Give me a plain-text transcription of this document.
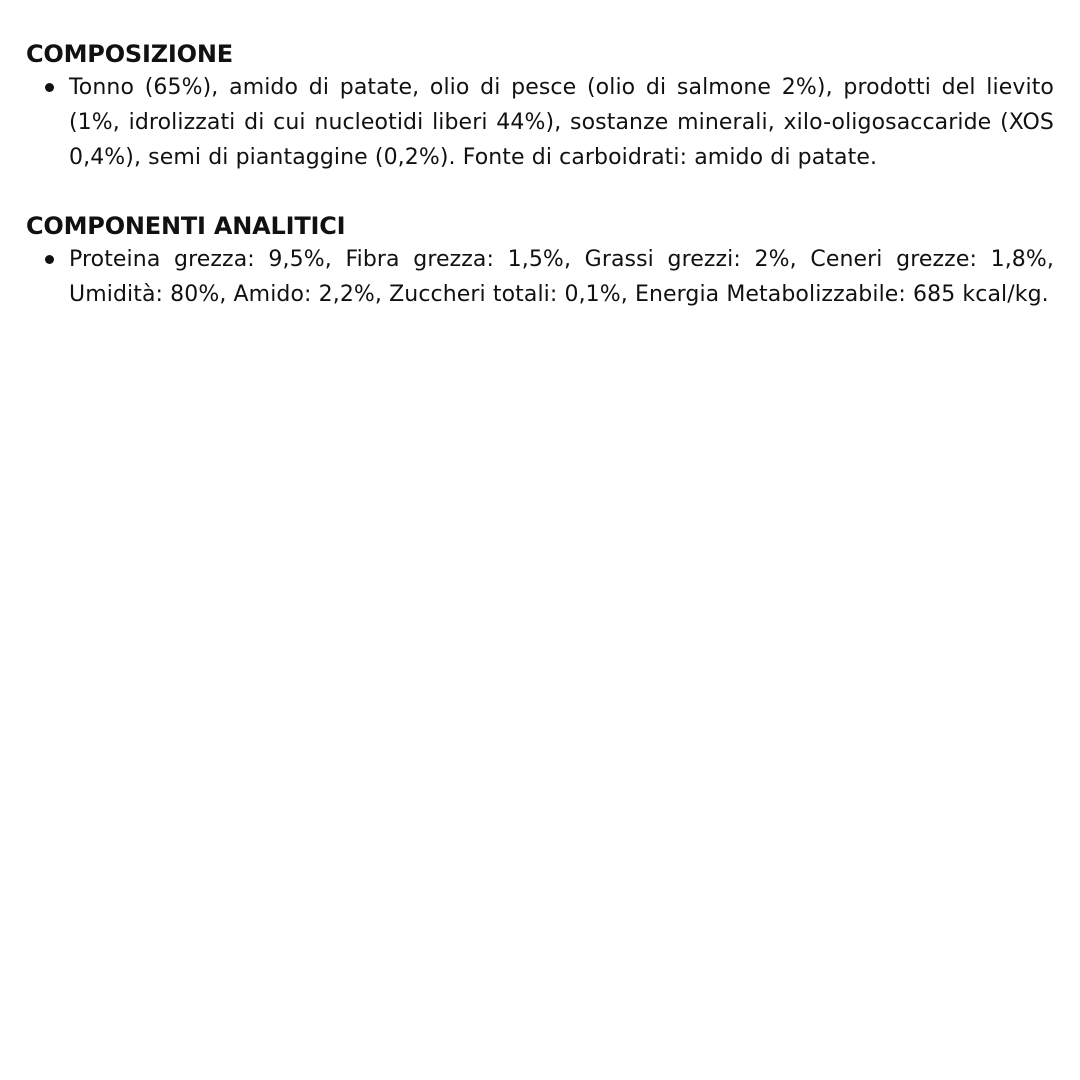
COMPOSIZIONE
Tonno (65%), amido di patate, olio di pesce (olio di salmone 2%), prodotti del lievito (1%, idrolizzati di cui nucleotidi liberi 44%), sostanze minerali, xilo-oligosaccaride (XOS 0,4%), semi di piantaggine (0,2%). Fonte di carboidrati: amido di patate.
COMPONENTI ANALITICI
Proteina grezza: 9,5%, Fibra grezza: 1,5%, Grassi grezzi: 2%, Ceneri grezze: 1,8%, Umidità: 80%, Amido: 2,2%, Zuccheri totali: 0,1%, Energia Metabolizzabile: 685 kcal/kg.
